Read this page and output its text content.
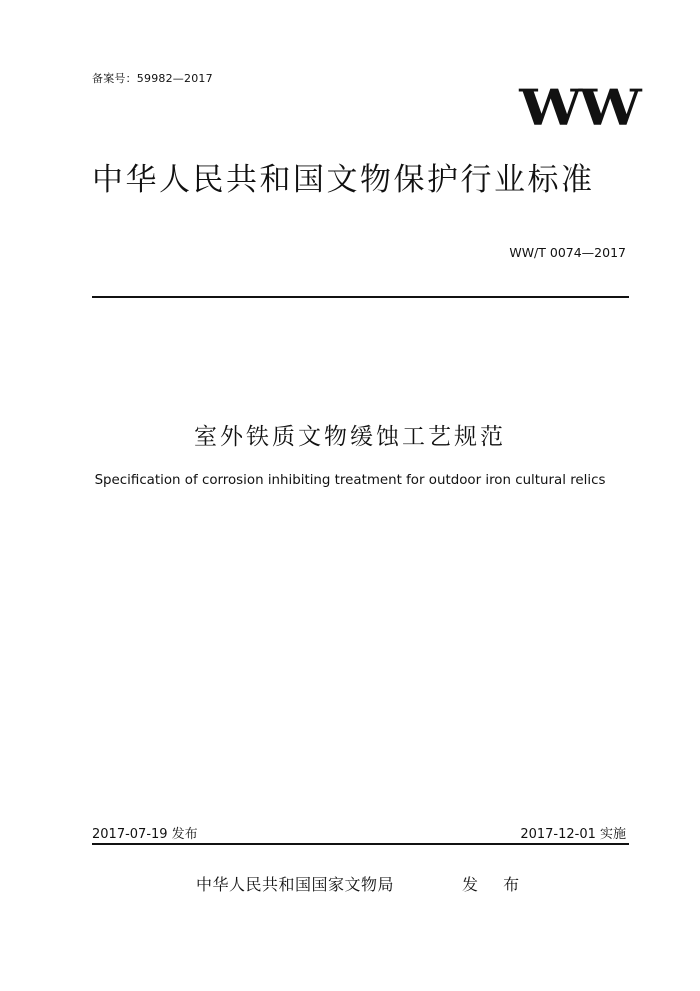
备案号：59982—2017	WW
中华人民共和国文物保护行业标准
WW/T 0074—2017
室外铁质文物缓蚀工艺规范
Specification of corrosion inhibiting treatment for outdoor iron cultural relics
2017-07-19 发布	2017-12-01 实施
中华人民共和国国家文物局	发 布
